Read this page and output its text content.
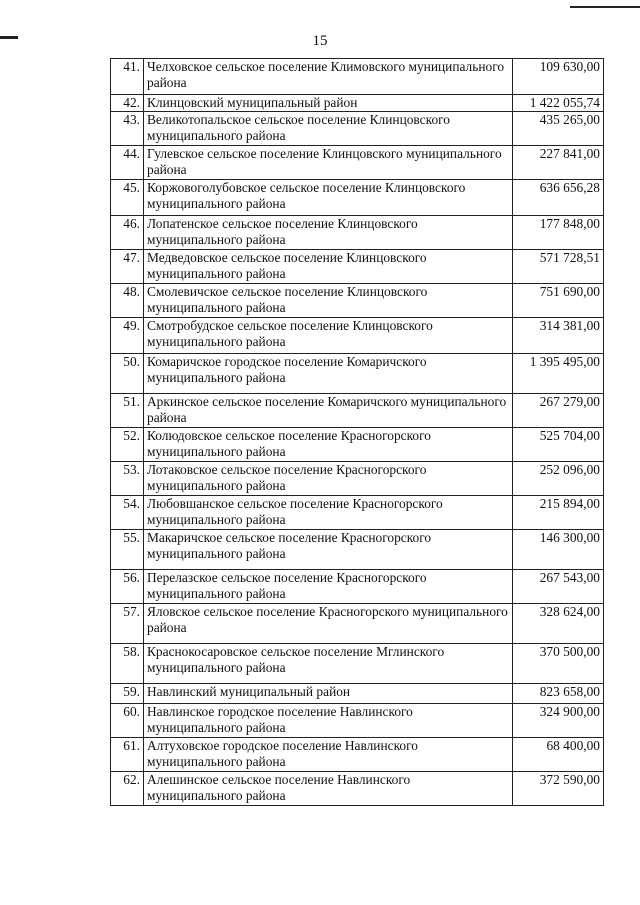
15
41.	Челховское сельское поселение Климовского муниципального района	109 630,00
42.	Клинцовский муниципальный район	1 422 055,74
43.	Великотопальское сельское поселение Клинцовского муниципального района	435 265,00
44.	Гулевское сельское поселение Клинцовского муниципального района	227 841,00
45.	Коржовоголубовское сельское поселение Клинцовского муниципального района	636 656,28
46.	Лопатенское сельское поселение Клинцовского муниципального района	177 848,00
47.	Медведовское сельское поселение Клинцовского муниципального района	571 728,51
48.	Смолевичское сельское поселение Клинцовского муниципального района	751 690,00
49.	Смотробудское сельское поселение Клинцовского муниципального района	314 381,00
50.	Комаричское городское поселение Комаричского муниципального района	1 395 495,00
51.	Аркинское сельское поселение Комаричского муниципального района	267 279,00
52.	Колюдовское сельское поселение Красногорского муниципального района	525 704,00
53.	Лотаковское сельское поселение Красногорского муниципального района	252 096,00
54.	Любовшанское сельское поселение Красногорского муниципального района	215 894,00
55.	Макаричское сельское поселение Красногорского муниципального района	146 300,00
56.	Перелазское сельское поселение Красногорского муниципального района	267 543,00
57.	Яловское сельское поселение Красногорского муниципального района	328 624,00
58.	Краснокосаровское сельское поселение Мглинского муниципального района	370 500,00
59.	Навлинский муниципальный район	823 658,00
60.	Навлинское городское поселение Навлинского муниципального района	324 900,00
61.	Алтуховское городское поселение Навлинского муниципального района	68 400,00
62.	Алешинское сельское поселение Навлинского муниципального района	372 590,00
